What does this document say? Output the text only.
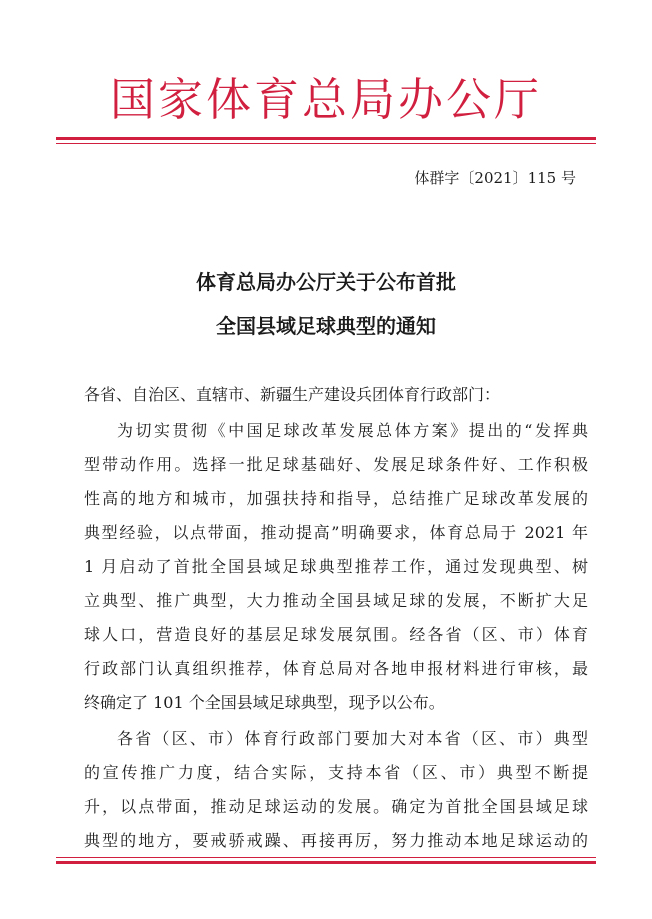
国家体育总局办公厅
体群字〔2021〕115 号
体育总局办公厅关于公布首批
全国县域足球典型的通知
各省、自治区、直辖市、新疆生产建设兵团体育行政部门：
为切实贯彻《中国足球改革发展总体方案》提出的“发挥典
型带动作用。选择一批足球基础好、发展足球条件好、工作积极
性高的地方和城市，加强扶持和指导，总结推广足球改革发展的
典型经验，以点带面，推动提高”明确要求，体育总局于 2021 年
1 月启动了首批全国县域足球典型推荐工作，通过发现典型、树
立典型、推广典型，大力推动全国县域足球的发展，不断扩大足
球人口，营造良好的基层足球发展氛围。经各省（区、市）体育
行政部门认真组织推荐，体育总局对各地申报材料进行审核，最
终确定了 101 个全国县域足球典型，现予以公布。
各省（区、市）体育行政部门要加大对本省（区、市）典型
的宣传推广力度，结合实际，支持本省（区、市）典型不断提
升，以点带面，推动足球运动的发展。确定为首批全国县域足球
典型的地方，要戒骄戒躁、再接再厉，努力推动本地足球运动的
